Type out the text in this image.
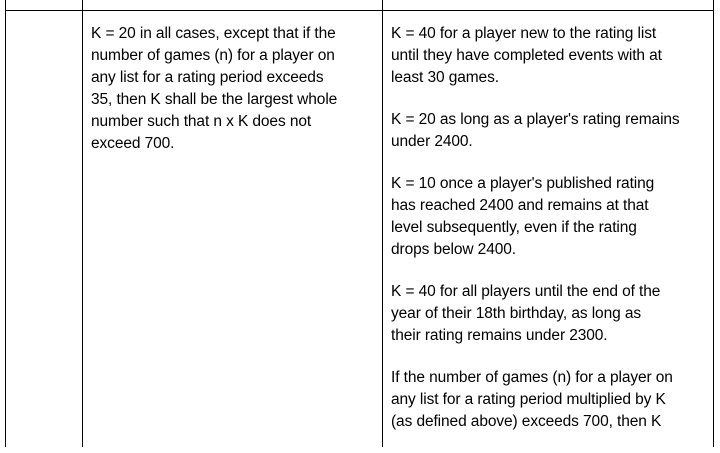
K = 20 in all cases, except that if the
number of games (n) for a player on
any list for a rating period exceeds
35, then K shall be the largest whole
number such that n x K does not
exceed 700.

K = 40 for a player new to the rating list
until they have completed events with at
least 30 games.

K = 20 as long as a player's rating remains
under 2400.

K = 10 once a player's published rating
has reached 2400 and remains at that
level subsequently, even if the rating
drops below 2400.

K = 40 for all players until the end of the
year of their 18th birthday, as long as
their rating remains under 2300.

If the number of games (n) for a player on
any list for a rating period multiplied by K
(as defined above) exceeds 700, then K
